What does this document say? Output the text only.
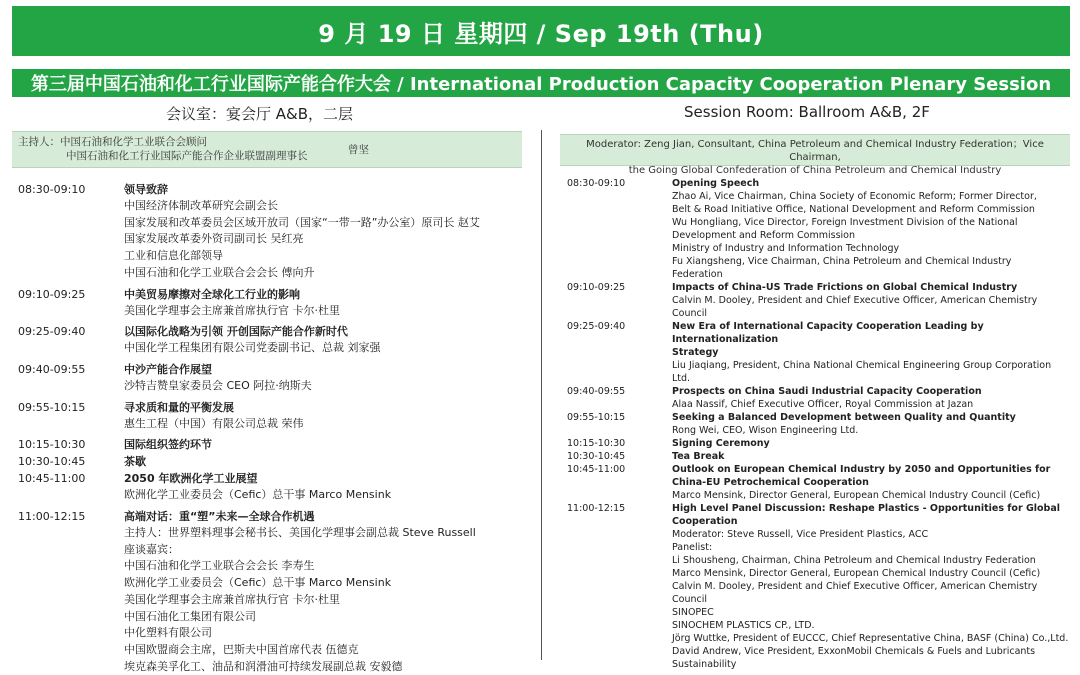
9 月 19 日 星期四 / Sep 19th (Thu)
第三届中国石油和化工行业国际产能合作大会 / International Production Capacity Cooperation Plenary Session
会议室：宴会厅 A&B，二层	Session Room: Ballroom A&B, 2F
主持人：中国石油和化学工业联合会顾问
中国石油和化工行业国际产能合作企业联盟副理事长	曾坚	Moderator: Zeng Jian, Consultant, China Petroleum and Chemical Industry Federation；Vice Chairman,
the Going Global Confederation of China Petroleum and Chemical Industry
08:30-09:10	领导致辞
中国经济体制改革研究会副会长
国家发展和改革委员会区域开放司（国家“一带一路”办公室）原司长 赵艾
国家发展改革委外资司副司长 吴红亮
工业和信息化部领导
中国石油和化学工业联合会会长 傅向升
09:10-09:25	中美贸易摩擦对全球化工行业的影响
美国化学理事会主席兼首席执行官 卡尔·杜里
09:25-09:40	以国际化战略为引领 开创国际产能合作新时代
中国化学工程集团有限公司党委副书记、总裁 刘家强
09:40-09:55	中沙产能合作展望
沙特吉赞皇家委员会 CEO 阿拉·纳斯夫
09:55-10:15	寻求质和量的平衡发展
惠生工程（中国）有限公司总裁 荣伟
10:15-10:30	国际组织签约环节
10:30-10:45	茶歇
10:45-11:00	2050 年欧洲化学工业展望
欧洲化学工业委员会（Cefic）总干事 Marco Mensink
11:00-12:15	高端对话：重“塑”未来—全球合作机遇
主持人：世界塑料理事会秘书长、美国化学理事会副总裁 Steve Russell
座谈嘉宾：
中国石油和化学工业联合会会长 李寿生
欧洲化学工业委员会（Cefic）总干事 Marco Mensink
美国化学理事会主席兼首席执行官 卡尔·杜里
中国石油化工集团有限公司
中化塑料有限公司
中国欧盟商会主席，巴斯夫中国首席代表 伍德克
埃克森美孚化工、油品和润滑油可持续发展副总裁 安毅德
08:30-09:10	Opening Speech
Zhao Ai, Vice Chairman, China Society of Economic Reform; Former Director,
Belt & Road Initiative Office, National Development and Reform Commission
Wu Hongliang, Vice Director, Foreign Investment Division of the National
Development and Reform Commission
Ministry of Industry and Information Technology
Fu Xiangsheng, Vice Chairman, China Petroleum and Chemical Industry
Federation
09:10-09:25	Impacts of China-US Trade Frictions on Global Chemical Industry
Calvin M. Dooley, President and Chief Executive Officer, American Chemistry
Council
09:25-09:40	New Era of International Capacity Cooperation Leading by Internationalization
Strategy
Liu Jiaqiang, President, China National Chemical Engineering Group Corporation Ltd.
09:40-09:55	Prospects on China Saudi Industrial Capacity Cooperation
Alaa Nassif, Chief Executive Officer, Royal Commission at Jazan
09:55-10:15	Seeking a Balanced Development between Quality and Quantity
Rong Wei, CEO, Wison Engineering Ltd.
10:15-10:30	Signing Ceremony
10:30-10:45	Tea Break
10:45-11:00	Outlook on European Chemical Industry by 2050 and Opportunities for
China-EU Petrochemical Cooperation
Marco Mensink, Director General, European Chemical Industry Council (Cefic)
11:00-12:15	High Level Panel Discussion: Reshape Plastics - Opportunities for Global
Cooperation
Moderator: Steve Russell, Vice President Plastics, ACC
Panelist:
Li Shousheng, Chairman, China Petroleum and Chemical Industry Federation
Marco Mensink, Director General, European Chemical Industry Council (Cefic)
Calvin M. Dooley, President and Chief Executive Officer, American Chemistry
Council
SINOPEC
SINOCHEM PLASTICS CP., LTD.
Jörg Wuttke, President of EUCCC, Chief Representative China, BASF (China) Co.,Ltd.
David Andrew, Vice President, ExxonMobil Chemicals & Fuels and Lubricants
Sustainability
